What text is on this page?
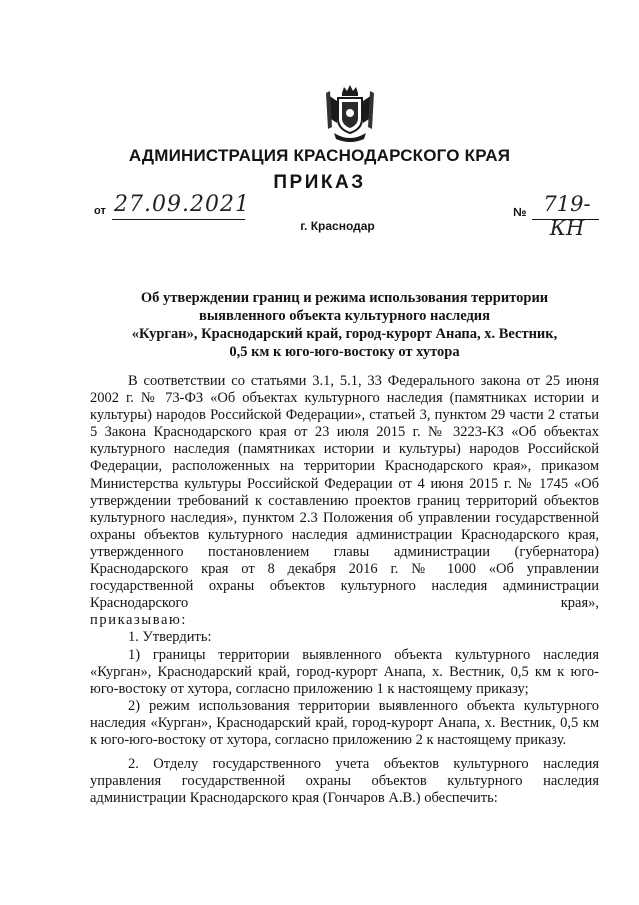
АДМИНИСТРАЦИЯ КРАСНОДАРСКОГО КРАЯ
ПРИКАЗ
от 27.09.2021	№ 719-КН
г. Краснодар
Об утверждении границ и режима использования территории
выявленного объекта культурного наследия
«Курган», Краснодарский край, город-курорт Анапа, х. Вестник,
0,5 км к юго-юго-востоку от хутора

В соответствии со статьями 3.1, 5.1, 33 Федерального закона от 25 июня 2002 г. № 73-ФЗ «Об объектах культурного наследия (памятниках истории и культуры) народов Российской Федерации», статьей 3, пунктом 29 части 2 статьи 5 Закона Краснодарского края от 23 июля 2015 г. № 3223-КЗ «Об объектах культурного наследия (памятниках истории и культуры) народов Российской Федерации, расположенных на территории Краснодарского края», приказом Министерства культуры Российской Федерации от 4 июня 2015 г. № 1745 «Об утверждении требований к составлению проектов границ территорий объектов культурного наследия», пунктом 2.3 Положения об управлении государственной охраны объектов культурного наследия администрации Краснодарского края, утвержденного постановлением главы администрации (губернатора) Краснодарского края от 8 декабря 2016 г. № 1000 «Об управлении государственной охраны объектов культурного наследия администрации Краснодарского края»,

приказываю:

1. Утвердить:

1) границы территории выявленного объекта культурного наследия «Курган», Краснодарский край, город-курорт Анапа, х. Вестник, 0,5 км к юго-юго-востоку от хутора, согласно приложению 1 к настоящему приказу;

2) режим использования территории выявленного объекта культурного наследия «Курган», Краснодарский край, город-курорт Анапа, х. Вестник, 0,5 км к юго-юго-востоку от хутора, согласно приложению 2 к настоящему приказу.

2. Отделу государственного учета объектов культурного наследия управления государственной охраны объектов культурного наследия администрации Краснодарского края (Гончаров А.В.) обеспечить:
